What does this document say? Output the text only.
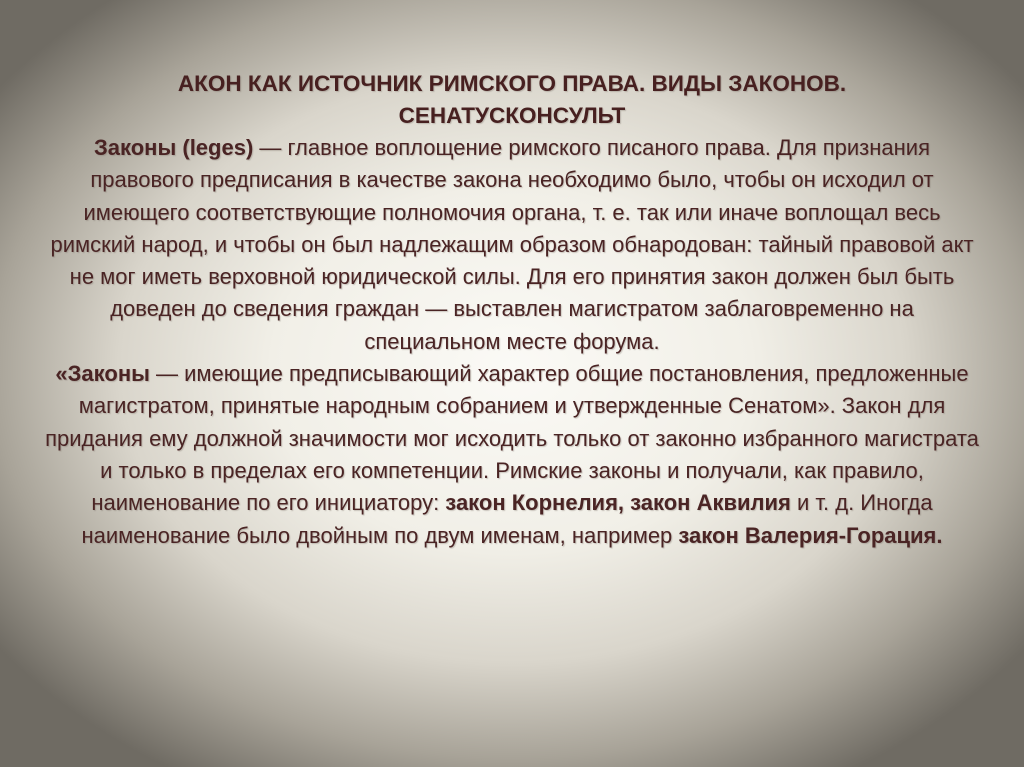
АКОН КАК ИСТОЧНИК РИМСКОГО ПРАВА. ВИДЫ ЗАКОНОВ.
СЕНАТУСКОНСУЛЬТ

Законы (leges) — главное воплощение римского писаного права. Для признания правового предписания в качестве закона необходимо было, чтобы он исходил от имеющего соответствующие полномочия органа, т. е. так или иначе воплощал весь римский народ, и чтобы он был надлежащим образом обнародован: тайный правовой акт не мог иметь верховной юридической силы. Для его принятия закон должен был быть доведен до сведения граждан — выставлен магистратом заблаговременно на специальном месте форума.

«Законы — имеющие предписывающий характер общие постановления, предложенные магистратом, принятые народным собранием и утвержденные Сенатом». Закон для придания ему должной значимости мог исходить только от законно избранного магистрата и только в пределах его компетенции. Римские законы и получали, как правило, наименование по его инициатору: закон Корнелия, закон Аквилия и т. д. Иногда наименование было двойным по двум именам, например закон Валерия-Горация.
